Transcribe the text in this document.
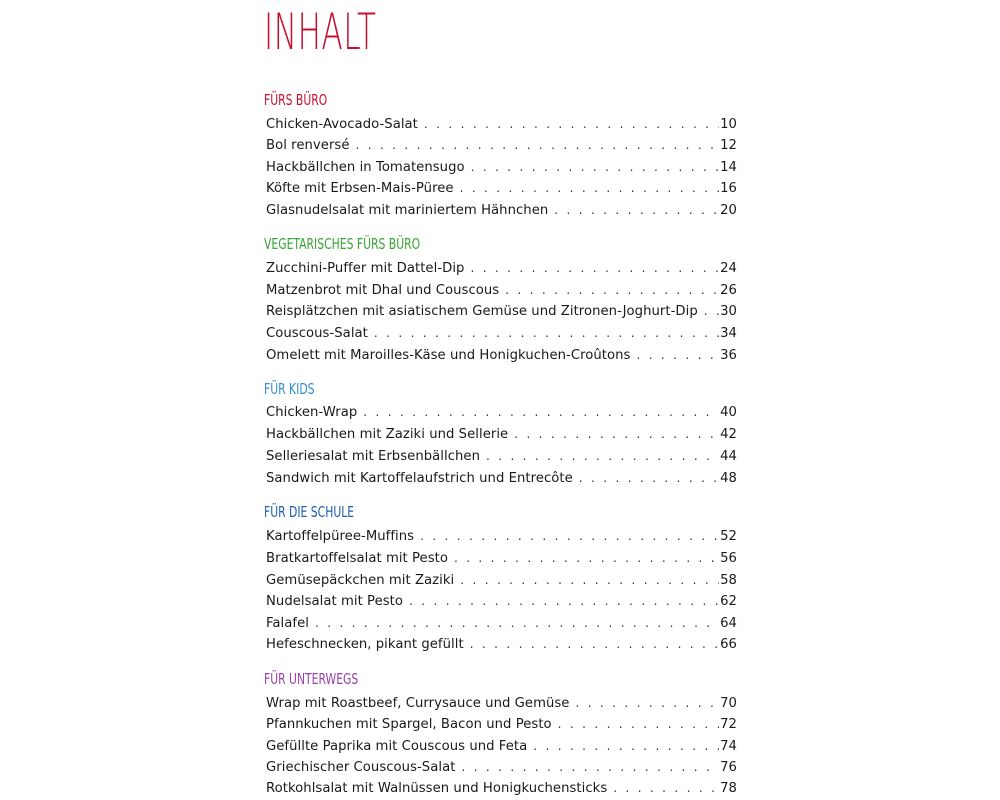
INHALT
FÜRS BÜRO
Chicken-Avocado-Salat . . .	10
Bol renversé . . .	12
Hackbällchen in Tomatensugo . . .	14
Köfte mit Erbsen-Mais-Püree . . .	16
Glasnudelsalat mit mariniertem Hähnchen . . .	20
VEGETARISCHES FÜRS BÜRO
Zucchini-Puffer mit Dattel-Dip . . .	24
Matzenbrot mit Dhal und Couscous . . .	26
Reisplätzchen mit asiatischem Gemüse und Zitronen-Joghurt-Dip . . .	30
Couscous-Salat . . .	34
Omelett mit Maroilles-Käse und Honigkuchen-Croûtons . . .	36
FÜR KIDS
Chicken-Wrap . . .	40
Hackbällchen mit Zaziki und Sellerie . . .	42
Selleriesalat mit Erbsenbällchen . . .	44
Sandwich mit Kartoffelaufstrich und Entrecôte . . .	48
FÜR DIE SCHULE
Kartoffelpüree-Muffins . . .	52
Bratkartoffelsalat mit Pesto . . .	56
Gemüsepäckchen mit Zaziki . . .	58
Nudelsalat mit Pesto . . .	62
Falafel . . .	64
Hefeschnecken, pikant gefüllt . . .	66
FÜR UNTERWEGS
Wrap mit Roastbeef, Currysauce und Gemüse . . .	70
Pfannkuchen mit Spargel, Bacon und Pesto . . .	72
Gefüllte Paprika mit Couscous und Feta . . .	74
Griechischer Couscous-Salat . . .	76
Rotkohlsalat mit Walnüssen und Honigkuchensticks . . .	78
